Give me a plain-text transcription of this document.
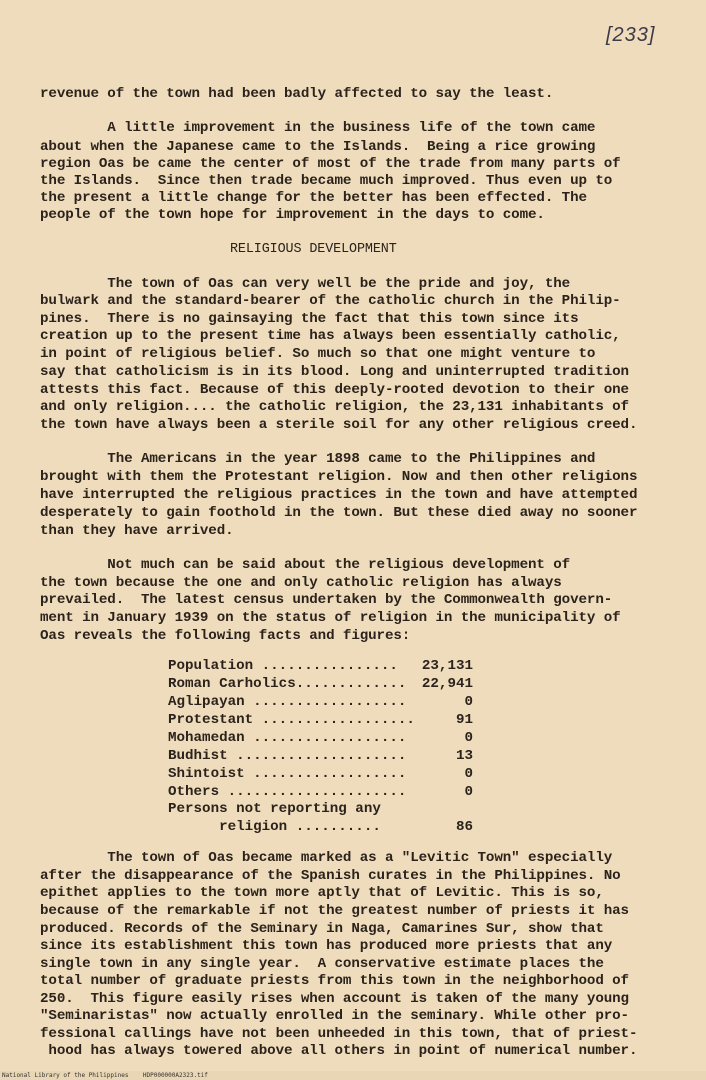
[233]
revenue of the town had been badly affected to say the least.
A little improvement in the business life of the town came
about when the Japanese came to the Islands.  Being a rice growing
region Oas be came the center of most of the trade from many parts of
the Islands.  Since then trade became much improved. Thus even up to
the present a little change for the better has been effected. The
people of the town hope for improvement in the days to come.
RELIGIOUS DEVELOPMENT
The town of Oas can very well be the pride and joy, the
bulwark and the standard-bearer of the catholic church in the Philip-
pines.  There is no gainsaying the fact that this town since its
creation up to the present time has always been essentially catholic,
in point of religious belief. So much so that one might venture to
say that catholicism is in its blood. Long and uninterrupted tradition
attests this fact. Because of this deeply-rooted devotion to their one
and only religion.... the catholic religion, the 23,131 inhabitants of
the town have always been a sterile soil for any other religious creed.
The Americans in the year 1898 came to the Philippines and
brought with them the Protestant religion. Now and then other religions
have interrupted the religious practices in the town and have attempted
desperately to gain foothold in the town. But these died away no sooner
than they have arrived.
Not much can be said about the religious development of
the town because the one and only catholic religion has always
prevailed.  The latest census undertaken by the Commonwealth govern-
ment in January 1939 on the status of religion in the municipality of
Oas reveals the following facts and figures:
Population ................	23,131
Roman Carholics.............	22,941
Aglipayan ..................	0
Protestant ..................	91
Mohamedan ..................	0
Budhist ....................	13
Shintoist ..................	0
Others .....................	0
Persons not reporting any
religion ..........	86
The town of Oas became marked as a "Levitic Town" especially
after the disappearance of the Spanish curates in the Philippines. No
epithet applies to the town more aptly that of Levitic. This is so,
because of the remarkable if not the greatest number of priests it has
produced. Records of the Seminary in Naga, Camarines Sur, show that
since its establishment this town has produced more priests that any
single town in any single year.  A conservative estimate places the
total number of graduate priests from this town in the neighborhood of
250.  This figure easily rises when account is taken of the many young
"Seminaristas" now actually enrolled in the seminary. While other pro-
fessional callings have not been unheeded in this town, that of priest-
hood has always towered above all others in point of numerical number.
National Library of the Philippines    HDP000000A2323.tif
